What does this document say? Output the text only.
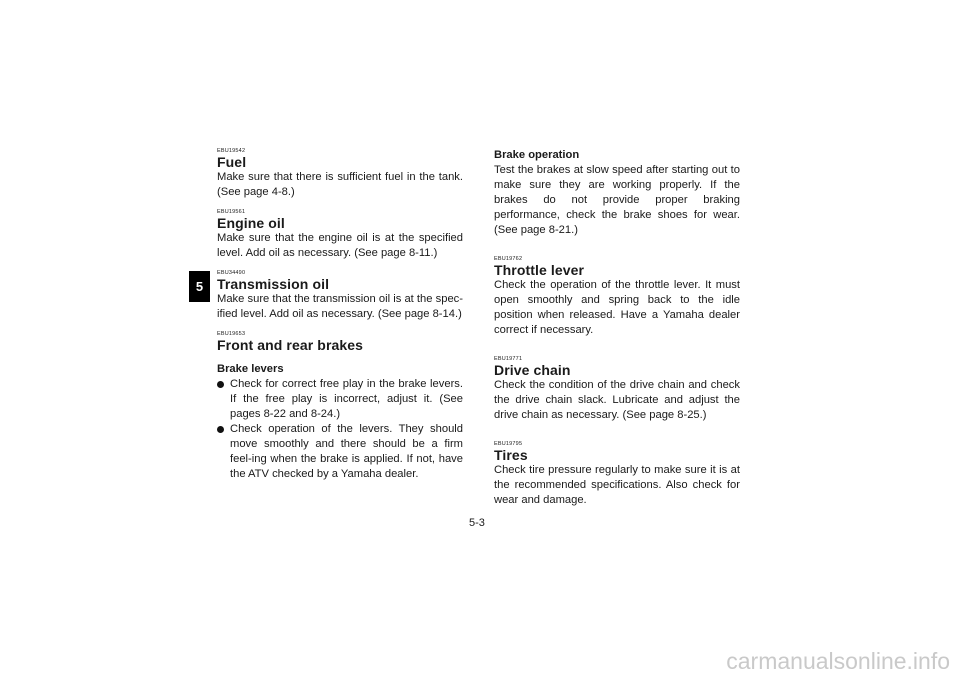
5

EBU19542

Fuel

Make sure that there is sufficient fuel in the tank. (See page 4-8.)

EBU19561

Engine oil

Make sure that the engine oil is at the specified level. Add oil as necessary. (See page 8-11.)

EBU34490

Transmission oil

Make sure that the transmission oil is at the spec-ified level. Add oil as necessary. (See page 8-14.)

EBU19653

Front and rear brakes

Brake levers

Check for correct free play in the brake levers. If the free play is incorrect, adjust it. (See pages 8-22 and 8-24.)
Check operation of the levers. They should move smoothly and there should be a firm feel-ing when the brake is applied. If not, have the ATV checked by a Yamaha dealer.

Brake operation

Test the brakes at slow speed after starting out to make sure they are working properly. If the brakes do not provide proper braking performance, check the brake shoes for wear. (See page 8-21.)

EBU19762

Throttle lever

Check the operation of the throttle lever. It must open smoothly and spring back to the idle position when released. Have a Yamaha dealer correct if necessary.

EBU19771

Drive chain

Check the condition of the drive chain and check the drive chain slack. Lubricate and adjust the drive chain as necessary. (See page 8-25.)

EBU19795

Tires

Check tire pressure regularly to make sure it is at the recommended specifications. Also check for wear and damage.

5-3
carmanualsonline.info
